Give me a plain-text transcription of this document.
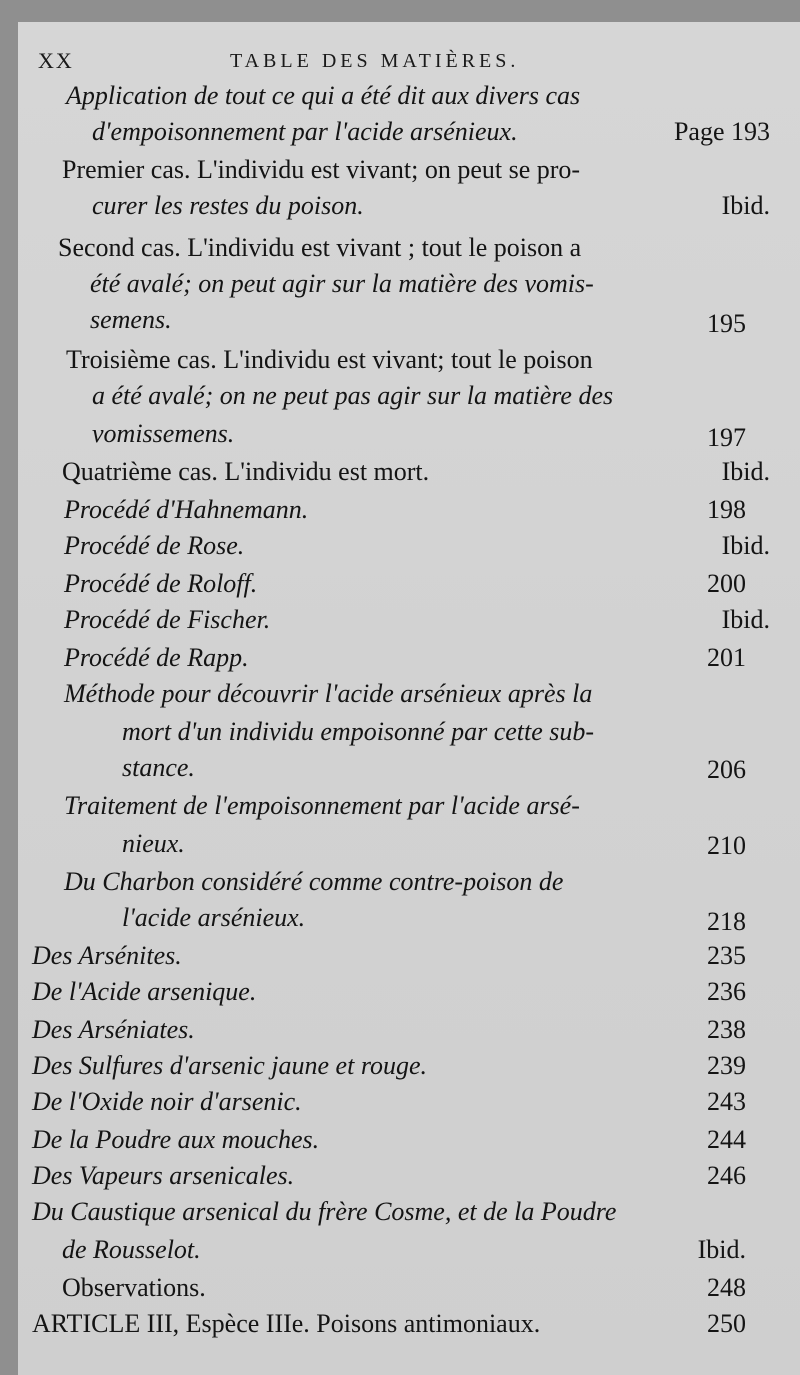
XX	TABLE DES MATIÈRES.
Application de tout ce qui a été dit aux divers cas
d'empoisonnement par l'acide arsénieux.	Page 193
Premier cas. L'individu est vivant; on peut se pro-
curer les restes du poison.	Ibid.
Second cas. L'individu est vivant ; tout le poison a
été avalé; on peut agir sur la matière des vomis-
semens.	195
Troisième cas. L'individu est vivant; tout le poison
a été avalé; on ne peut pas agir sur la matière des
vomissemens.	197
Quatrième cas. L'individu est mort.	Ibid.
Procédé d'Hahnemann.	198
Procédé de Rose.	Ibid.
Procédé de Roloff.	200
Procédé de Fischer.	Ibid.
Procédé de Rapp.	201
Méthode pour découvrir l'acide arsénieux après la
mort d'un individu empoisonné par cette sub-
stance.	206
Traitement de l'empoisonnement par l'acide arsé-
nieux.	210
Du Charbon considéré comme contre-poison de
l'acide arsénieux.	218
Des Arsénites.	235
De l'Acide arsenique.	236
Des Arséniates.	238
Des Sulfures d'arsenic jaune et rouge.	239
De l'Oxide noir d'arsenic.	243
De la Poudre aux mouches.	244
Des Vapeurs arsenicales.	246
Du Caustique arsenical du frère Cosme, et de la Poudre
de Rousselot.	Ibid.
Observations.	248
ARTICLE III, Espèce IIIe. Poisons antimoniaux.	250
